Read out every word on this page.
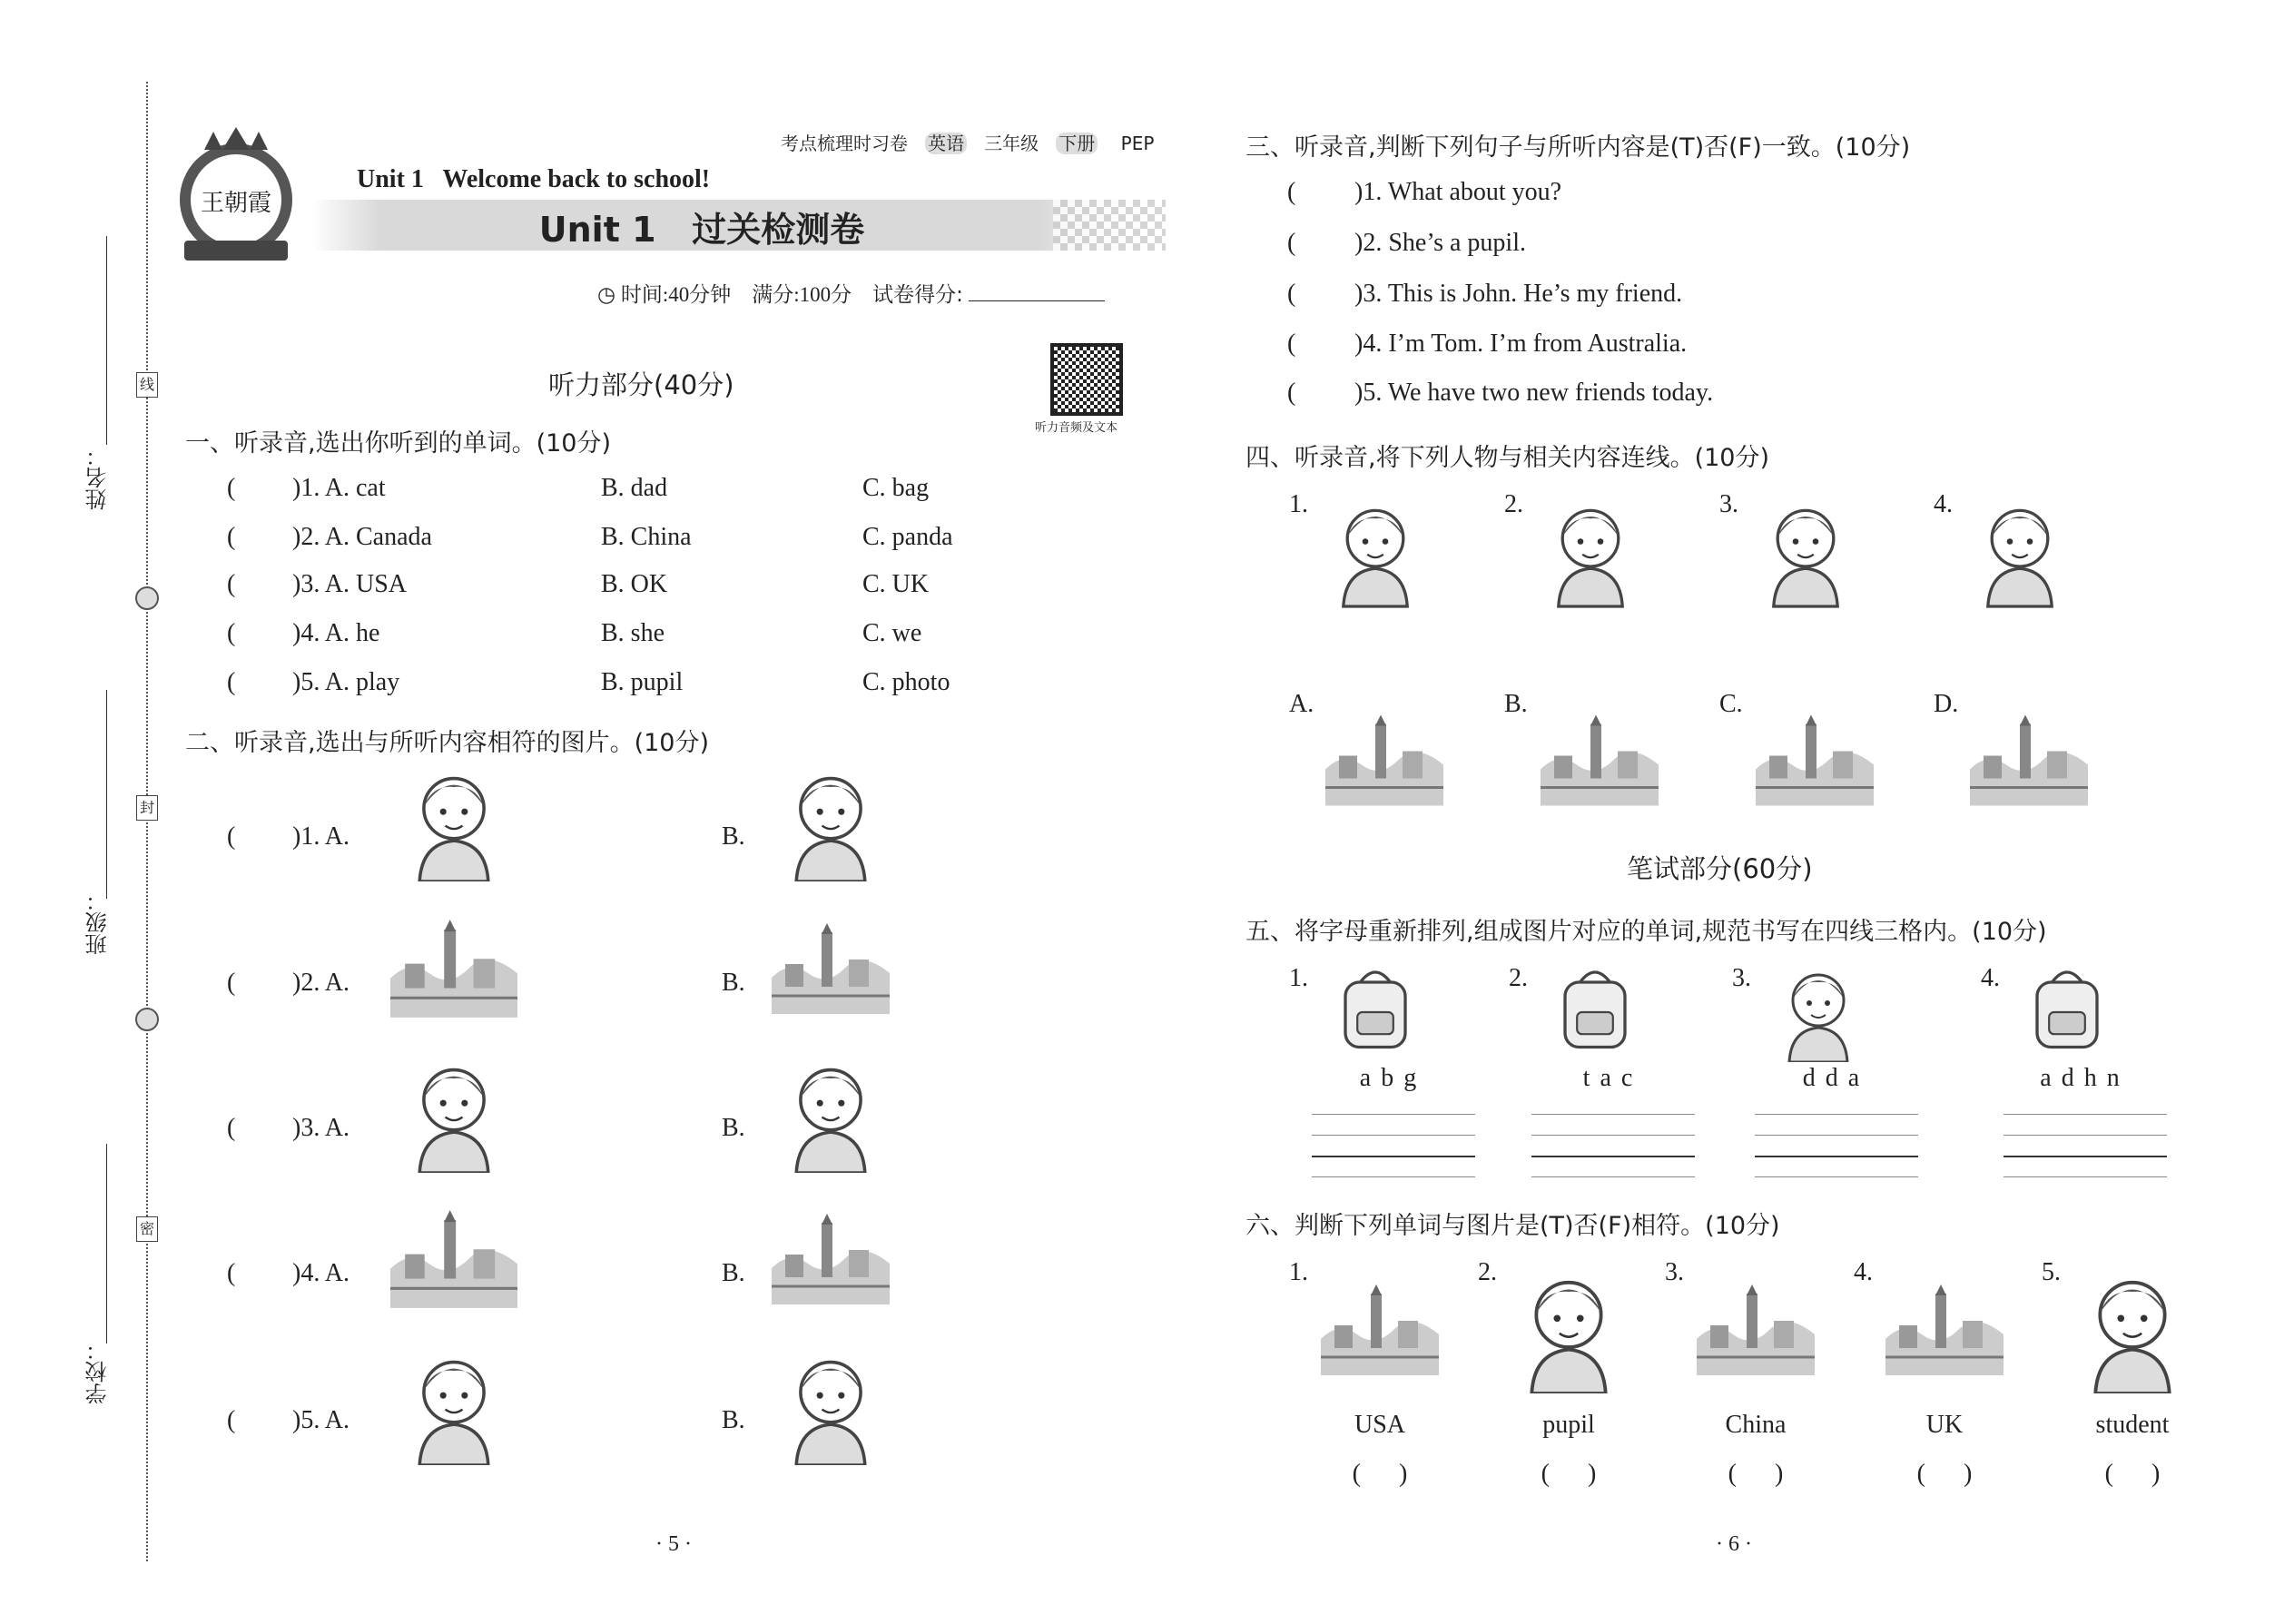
姓名：
班级：
学校：
线
封
密
考点梳理时习卷 英语 三年级 下册 PEP
王朝霞
Unit 1   Welcome back to school!
Unit 1   过关检测卷
◷ 时间:40分钟 满分:100分 试卷得分:
听力音频及文本
听力部分(40分)
一、听录音,选出你听到的单词。(10分)
( )1. A. cat	B. dad	C. bag
( )2. A. Canada	B. China	C. panda
( )3. A. USA	B. OK	C. UK
( )4. A. he	B. she	C. we
( )5. A. play	B. pupil	C. photo
二、听录音,选出与所听内容相符的图片。(10分)
( )1. A.	B.
( )2. A.	B.
( )3. A.	B.
( )4. A.	B.
( )5. A.	B.
三、听录音,判断下列句子与所听内容是(T)否(F)一致。(10分)
( )1. What about you?
( )2. She’s a pupil.
( )3. This is John. He’s my friend.
( )4. I’m Tom. I’m from Australia.
( )5. We have two new friends today.
四、听录音,将下列人物与相关内容连线。(10分)
1.
A.
2.
B.
3.
C.
4.
D.
笔试部分(60分)
五、将字母重新排列,组成图片对应的单词,规范书写在四线三格内。(10分)
1.
a b g
2.
t a c
3.
d d a
4.
a d h n
六、判断下列单词与图片是(T)否(F)相符。(10分)
1.
USA
(      )
2.
pupil
(      )
3.
China
(      )
4.
UK
(      )
5.
student
(      )
· 5 ·	· 6 ·
